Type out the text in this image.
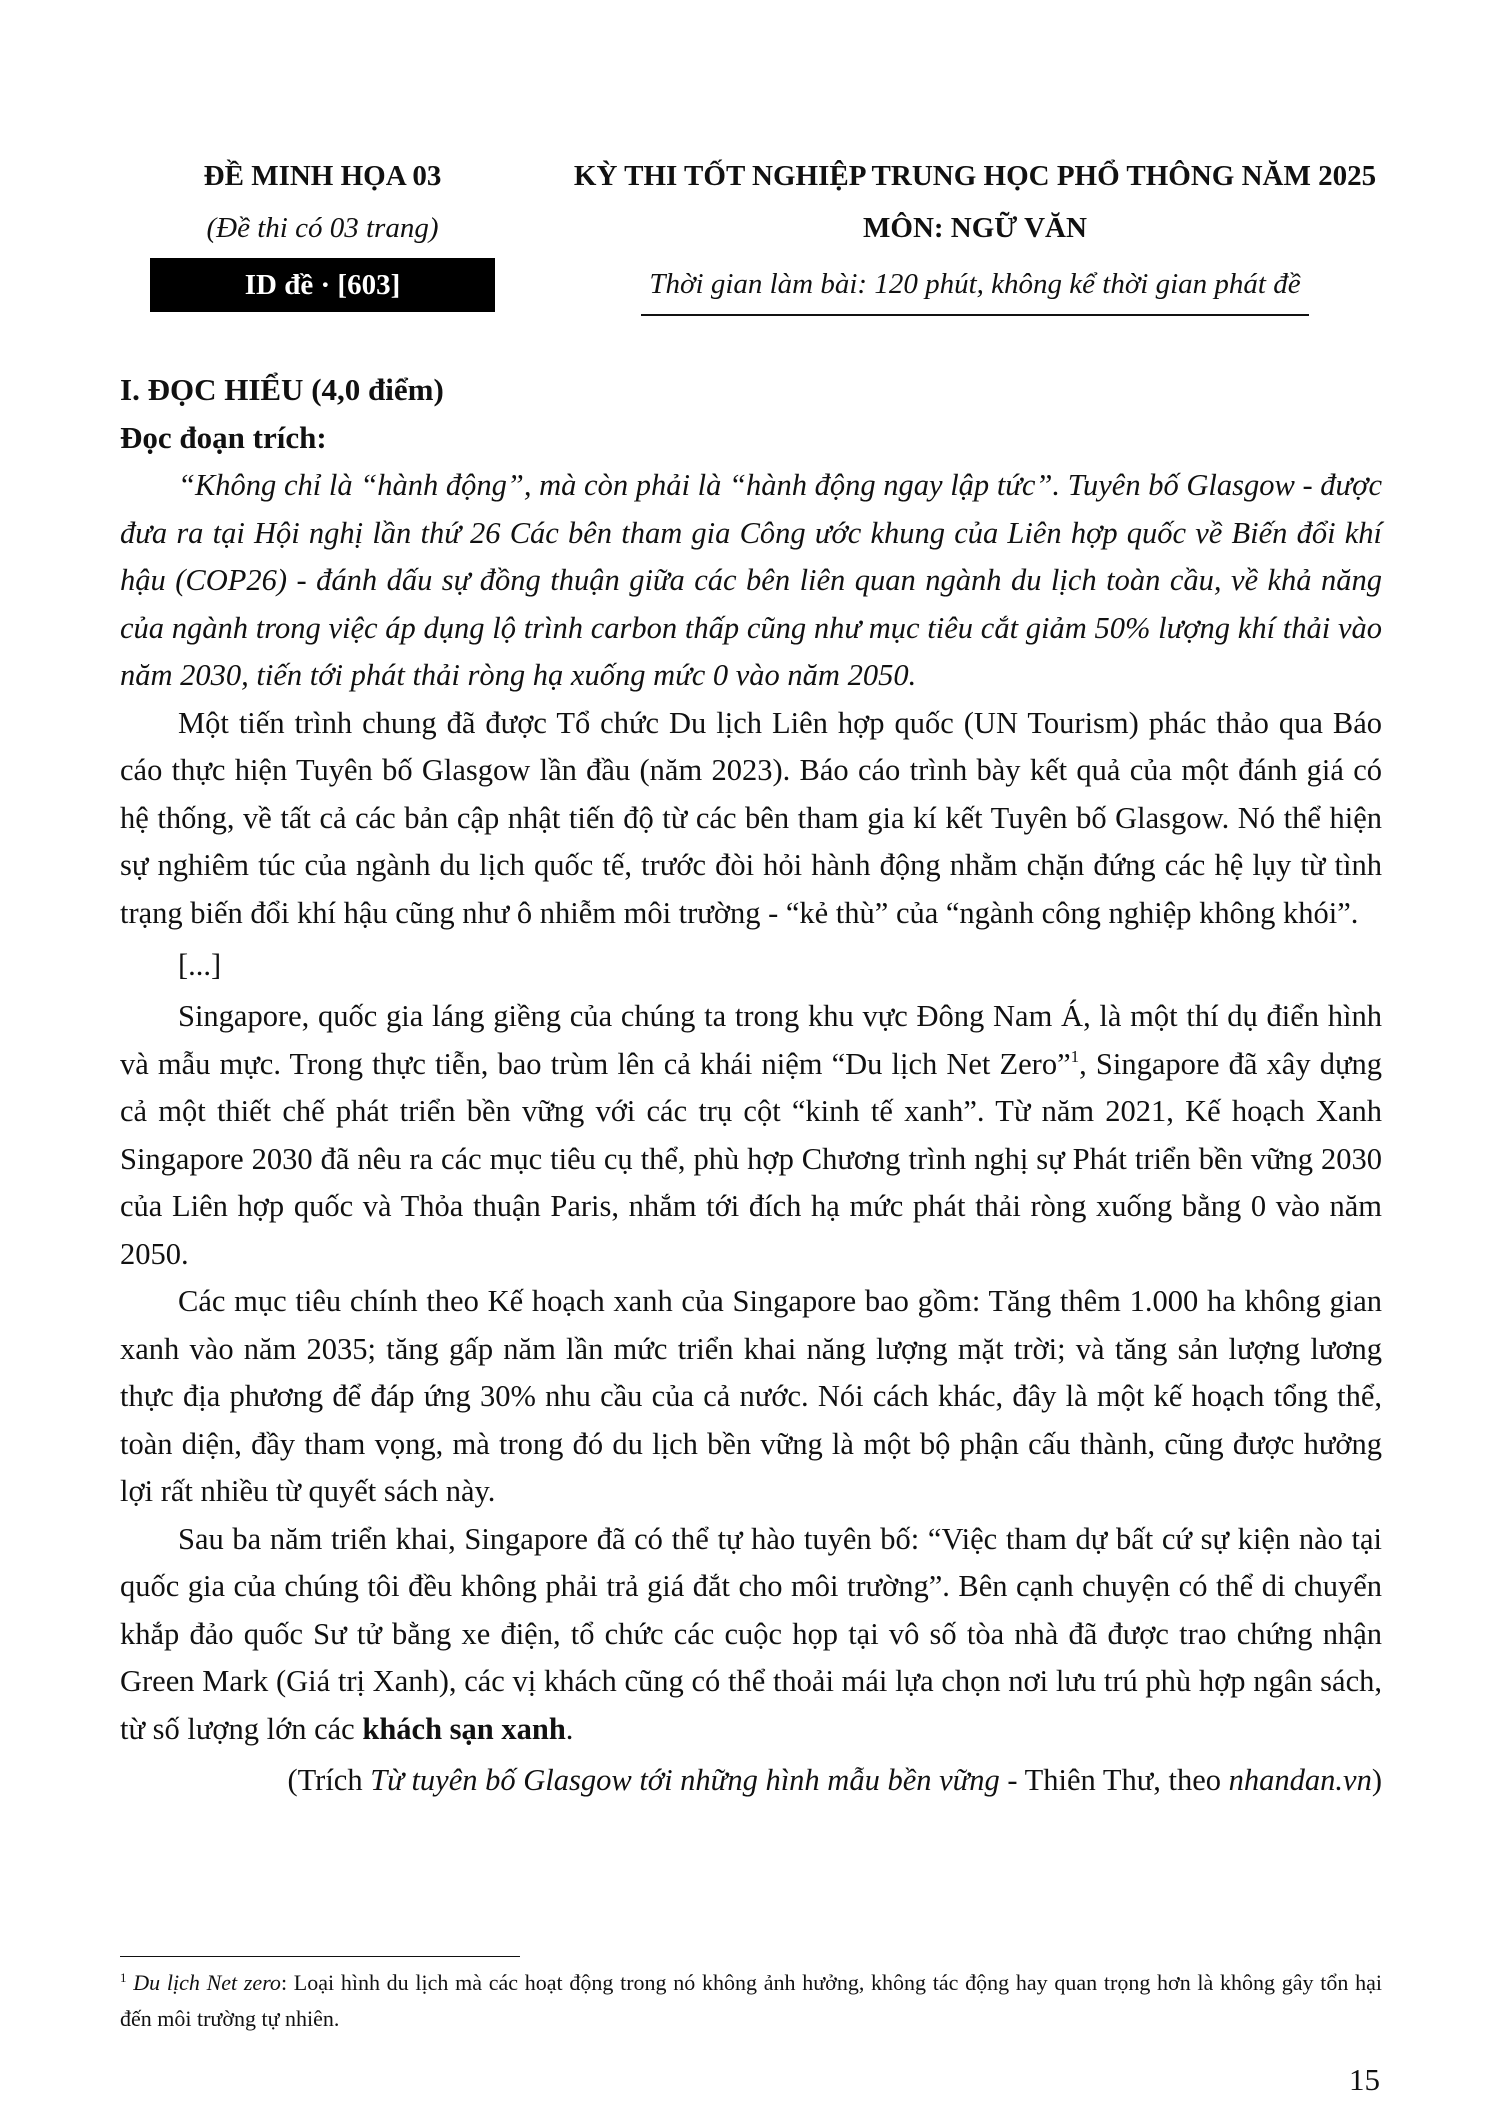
ĐỀ MINH HỌA 03
(Đề thi có 03 trang)
ID đề · [603]
KỲ THI TỐT NGHIỆP TRUNG HỌC PHỔ THÔNG NĂM 2025
MÔN: NGỮ VĂN
Thời gian làm bài: 120 phút, không kể thời gian phát đề
I. ĐỌC HIỂU (4,0 điểm)
Đọc đoạn trích:

“Không chỉ là “hành động”, mà còn phải là “hành động ngay lập tức”. Tuyên bố Glasgow - được đưa ra tại Hội nghị lần thứ 26 Các bên tham gia Công ước khung của Liên hợp quốc về Biến đổi khí hậu (COP26) - đánh dấu sự đồng thuận giữa các bên liên quan ngành du lịch toàn cầu, về khả năng của ngành trong việc áp dụng lộ trình carbon thấp cũng như mục tiêu cắt giảm 50% lượng khí thải vào năm 2030, tiến tới phát thải ròng hạ xuống mức 0 vào năm 2050.

Một tiến trình chung đã được Tổ chức Du lịch Liên hợp quốc (UN Tourism) phác thảo qua Báo cáo thực hiện Tuyên bố Glasgow lần đầu (năm 2023). Báo cáo trình bày kết quả của một đánh giá có hệ thống, về tất cả các bản cập nhật tiến độ từ các bên tham gia kí kết Tuyên bố Glasgow. Nó thể hiện sự nghiêm túc của ngành du lịch quốc tế, trước đòi hỏi hành động nhằm chặn đứng các hệ lụy từ tình trạng biến đổi khí hậu cũng như ô nhiễm môi trường - “kẻ thù” của “ngành công nghiệp không khói”.

[...]

Singapore, quốc gia láng giềng của chúng ta trong khu vực Đông Nam Á, là một thí dụ điển hình và mẫu mực. Trong thực tiễn, bao trùm lên cả khái niệm “Du lịch Net Zero”$^1$, Singapore đã xây dựng cả một thiết chế phát triển bền vững với các trụ cột “kinh tế xanh”. Từ năm 2021, Kế hoạch Xanh Singapore 2030 đã nêu ra các mục tiêu cụ thể, phù hợp Chương trình nghị sự Phát triển bền vững 2030 của Liên hợp quốc và Thỏa thuận Paris, nhắm tới đích hạ mức phát thải ròng xuống bằng 0 vào năm 2050.

Các mục tiêu chính theo Kế hoạch xanh của Singapore bao gồm: Tăng thêm 1.000 ha không gian xanh vào năm 2035; tăng gấp năm lần mức triển khai năng lượng mặt trời; và tăng sản lượng lương thực địa phương để đáp ứng 30% nhu cầu của cả nước. Nói cách khác, đây là một kế hoạch tổng thể, toàn diện, đầy tham vọng, mà trong đó du lịch bền vững là một bộ phận cấu thành, cũng được hưởng lợi rất nhiều từ quyết sách này.

Sau ba năm triển khai, Singapore đã có thể tự hào tuyên bố: “Việc tham dự bất cứ sự kiện nào tại quốc gia của chúng tôi đều không phải trả giá đắt cho môi trường”. Bên cạnh chuyện có thể di chuyển khắp đảo quốc Sư tử bằng xe điện, tổ chức các cuộc họp tại vô số tòa nhà đã được trao chứng nhận Green Mark (Giá trị Xanh), các vị khách cũng có thể thoải mái lựa chọn nơi lưu trú phù hợp ngân sách, từ số lượng lớn các khách sạn xanh.

(Trích Từ tuyên bố Glasgow tới những hình mẫu bền vững - Thiên Thư, theo nhandan.vn)

$^1$ Du lịch Net zero: Loại hình du lịch mà các hoạt động trong nó không ảnh hưởng, không tác động hay quan trọng hơn là không gây tổn hại đến môi trường tự nhiên.
15
